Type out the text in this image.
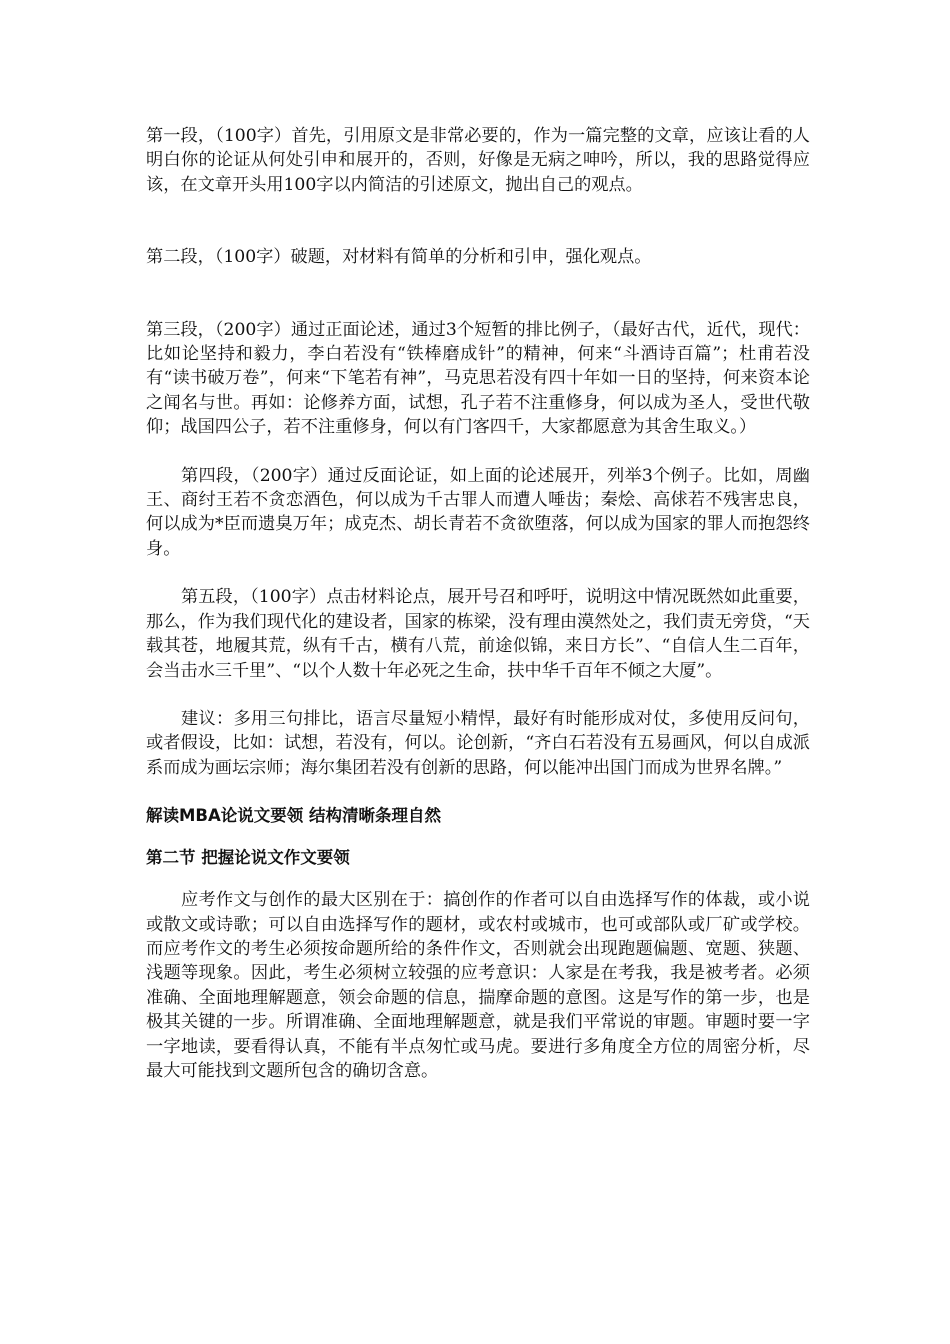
第一段，（100字）首先，引用原文是非常必要的，作为一篇完整的文章，应该让看的人明白你的论证从何处引申和展开的，否则，好像是无病之呻吟，所以，我的思路觉得应该，在文章开头用100字以内简洁的引述原文，抛出自己的观点。

第二段，（100字）破题，对材料有简单的分析和引申，强化观点。

第三段，（200字）通过正面论述，通过3个短暂的排比例子，（最好古代，近代，现代：比如论坚持和毅力，李白若没有“铁棒磨成针”的精神，何来“斗酒诗百篇”；杜甫若没有“读书破万卷”，何来“下笔若有神”，马克思若没有四十年如一日的坚持，何来资本论之闻名与世。再如：论修养方面，试想，孔子若不注重修身，何以成为圣人，受世代敬仰；战国四公子，若不注重修身，何以有门客四千，大家都愿意为其舍生取义。）

第四段，（200字）通过反面论证，如上面的论述展开，列举3个例子。比如，周幽王、商纣王若不贪恋酒色，何以成为千古罪人而遭人唾齿；秦烩、高俅若不残害忠良，何以成为*臣而遗臭万年；成克杰、胡长青若不贪欲堕落，何以成为国家的罪人而抱怨终身。

第五段，（100字）点击材料论点，展开号召和呼吁，说明这中情况既然如此重要，那么，作为我们现代化的建设者，国家的栋梁，没有理由漠然处之，我们责无旁贷，“天载其苍，地履其荒，纵有千古，横有八荒，前途似锦，来日方长”、“自信人生二百年，会当击水三千里”、“以个人数十年必死之生命，扶中华千百年不倾之大厦”。

建议：多用三句排比，语言尽量短小精悍，最好有时能形成对仗，多使用反问句，或者假设，比如：试想，若没有，何以。论创新，“齐白石若没有五易画风，何以自成派系而成为画坛宗师；海尔集团若没有创新的思路，何以能冲出国门而成为世界名牌。”

解读MBA论说文要领 结构清晰条理自然
第二节 把握论说文作文要领

应考作文与创作的最大区别在于：搞创作的作者可以自由选择写作的体裁，或小说或散文或诗歌；可以自由选择写作的题材，或农村或城市，也可或部队或厂矿或学校。而应考作文的考生必须按命题所给的条件作文，否则就会出现跑题偏题、宽题、狭题、浅题等现象。因此，考生必须树立较强的应考意识：人家是在考我，我是被考者。必须准确、全面地理解题意，领会命题的信息，揣摩命题的意图。这是写作的第一步，也是极其关键的一步。所谓准确、全面地理解题意，就是我们平常说的审题。审题时要一字一字地读，要看得认真，不能有半点匆忙或马虎。要进行多角度全方位的周密分析，尽最大可能找到文题所包含的确切含意。
